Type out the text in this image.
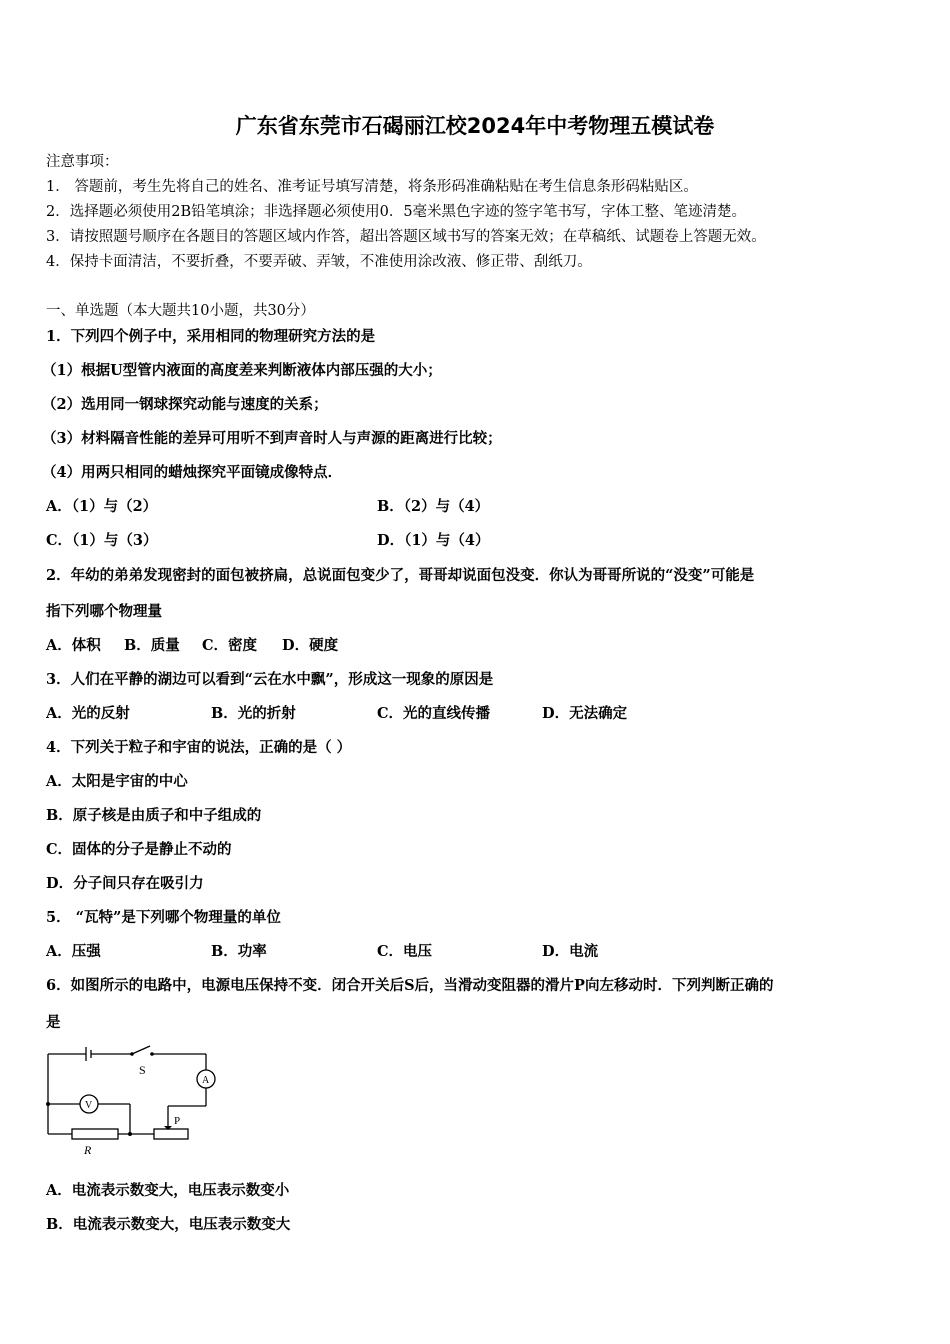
广东省东莞市石碣丽江校2024年中考物理五模试卷
注意事项：
1． 答题前，考生先将自己的姓名、准考证号填写清楚，将条形码准确粘贴在考生信息条形码粘贴区。
2．选择题必须使用2B铅笔填涂；非选择题必须使用0．5毫米黑色字迹的签字笔书写，字体工整、笔迹清楚。
3．请按照题号顺序在各题目的答题区域内作答，超出答题区域书写的答案无效；在草稿纸、试题卷上答题无效。
4．保持卡面清洁，不要折叠，不要弄破、弄皱，不准使用涂改液、修正带、刮纸刀。
一、单选题（本大题共10小题，共30分）
1．下列四个例子中，采用相同的物理研究方法的是
（1）根据U型管内液面的高度差来判断液体内部压强的大小；
（2）选用同一钢球探究动能与速度的关系；
（3）材料隔音性能的差异可用听不到声音时人与声源的距离进行比较；
（4）用两只相同的蜡烛探究平面镜成像特点．
A．（1）与（2）	B．（2）与（4）
C．（1）与（3）	D．（1）与（4）
2．年幼的弟弟发现密封的面包被挤扁，总说面包变少了，哥哥却说面包没变．你认为哥哥所说的“没变”可能是
指下列哪个物理量
A．体积 B．质量 C．密度 D．硬度
3．人们在平静的湖边可以看到“云在水中飘”，形成这一现象的原因是
A．光的反射	B．光的折射	C．光的直线传播	D．无法确定
4．下列关于粒子和宇宙的说法，正确的是（ ）
A．太阳是宇宙的中心
B．原子核是由质子和中子组成的
C．固体的分子是静止不动的
D．分子间只存在吸引力
5． “瓦特”是下列哪个物理量的单位
A．压强	B．功率	C．电压	D．电流
6．如图所示的电路中，电源电压保持不变．闭合开关后S后，当滑动变阻器的滑片P向左移动时．下列判断正确的
是
S
A
V
P
R
A．电流表示数变大，电压表示数变小
B．电流表示数变大，电压表示数变大
